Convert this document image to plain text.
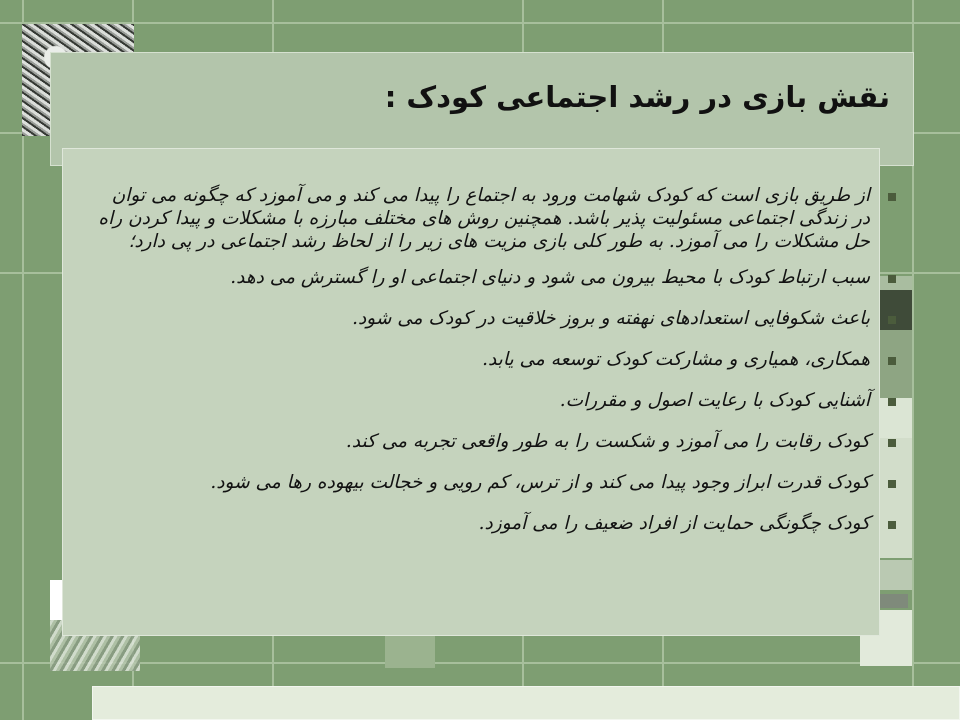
نقش بازی در رشد اجتماعی کودک :
از طریق بازی است که کودک شهامت ورود به اجتماع را پیدا می کند و می آموزد که چگونه می توان در زندگی اجتماعی مسئولیت پذیر باشد. همچنین روش های مختلف مبارزه با مشکلات و پیدا کردن راه حل مشکلات را می آموزد. به طور کلی بازی مزیت های زیر را از لحاظ رشد اجتماعی در پی دارد؛
سبب ارتباط کودک با محیط بیرون می شود و دنیای اجتماعی او را گسترش می دهد.
باعث شکوفایی استعدادهای نهفته و بروز خلاقیت در کودک می شود.
همکاری، همیاری و مشارکت کودک توسعه می یابد.
آشنایی کودک با رعایت اصول و مقررات.
کودک رقابت را می آموزد و شکست را به طور واقعی تجربه می کند.
کودک قدرت ابراز وجود پیدا می کند و از ترس، کم رویی و خجالت بیهوده رها می شود.
کودک چگونگی حمایت از افراد ضعیف را می آموزد.
